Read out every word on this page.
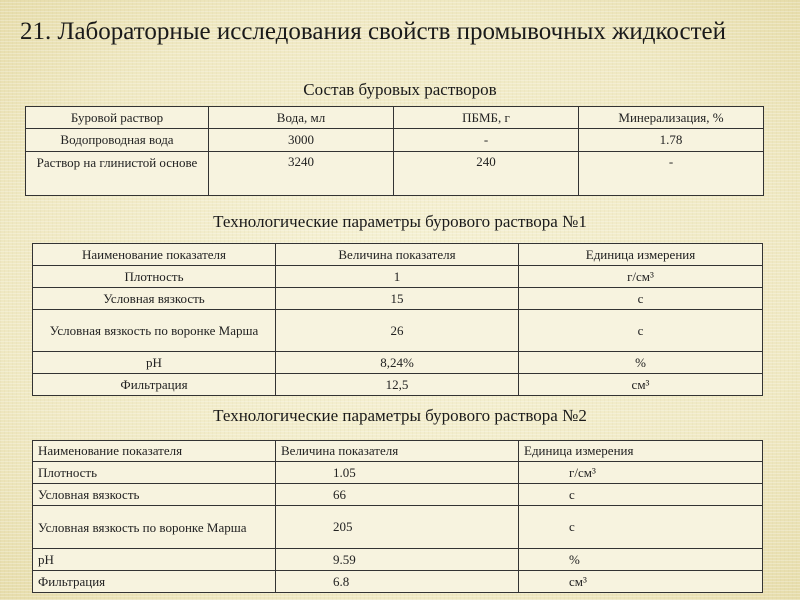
21. Лабораторные исследования свойств промывочных жидкостей
Состав буровых растворов
Буровой раствор	Вода, мл	ПБМБ, г	Минерализация, %
Водопроводная вода	3000	-	1.78
Раствор на глинистой основе	3240	240	-
Технологические параметры бурового раствора №1
Наименование показателя	Величина показателя	Единица измерения
Плотность	1	г/см³
Условная вязкость	15	с
Условная вязкость по воронке Марша	26	с
pH	8,24%	%
Фильтрация	12,5	см³
Технологические параметры бурового раствора №2
Наименование показателя	Величина показателя	Единица измерения
Плотность	1.05	г/см³
Условная вязкость	66	с
Условная вязкость по воронке Марша	205	с
pH	9.59	%
Фильтрация	6.8	см³
